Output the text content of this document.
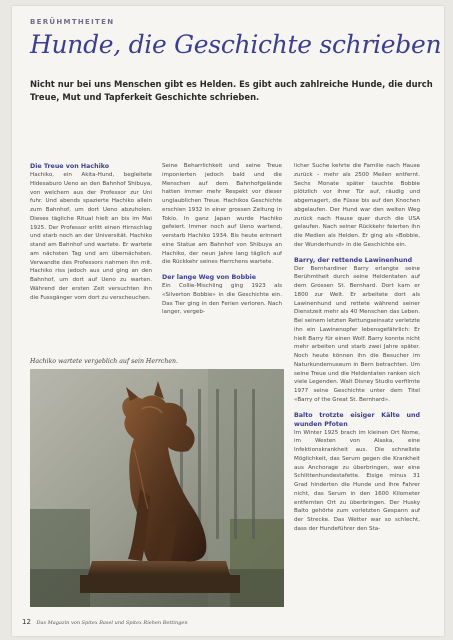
BERÜHMTHEITEN
Hunde, die Geschichte schrieben
Nicht nur bei uns Menschen gibt es Helden. Es gibt auch zahlreiche Hunde, die durch Treue, Mut und Tapferkeit Geschichte schrieben.
Die Treue von Hachiko

Hachiko, ein Akita-Hund, begleitete Hidesaburo Ueno an den Bahnhof Shibuya, von welchem aus der Professor zur Uni fuhr. Und abends spazierte Hachiko allein zum Bahnhof, um dort Ueno abzuholen. Dieses tägliche Ritual hielt an bis im Mai 1925. Der Professor erlitt einen Hirnschlag und starb noch an der Universität. Hachiko stand am Bahnhof und wartete. Er wartete am nächsten Tag und am übernächsten. Verwandte des Professors nahmen ihn mit. Hachiko riss jedoch aus und ging an den Bahnhof, um dort auf Ueno zu warten. Während der ersten Zeit versuchten ihn die Fussgänger vom dort zu verscheuchen.

Seine Beharrlichkeit und seine Treue imponierten jedoch bald und die Menschen auf dem Bahnhofgelände hatten immer mehr Respekt vor dieser unglaublichen Treue. Hachikos Geschichte erschien 1932 in einer grossen Zeitung in Tokio. In ganz Japan wurde Hachiko gefeiert. Immer noch auf Ueno wartend, verstarb Hachiko 1934. Bis heute erinnert eine Statue am Bahnhof von Shibuya an Hachiko, der neun Jahre lang täglich auf die Rückkehr seines Herrchens wartete.

Der lange Weg von Bobbie

Ein Collie-Mischling ging 1923 als «Silverton Bobbie» in die Geschichte ein. Das Tier ging in den Ferien verloren. Nach langer, vergeb-

licher Suche kehrte die Familie nach Hause zurück – mehr als 2500 Meilen entfernt. Sechs Monate später tauchte Bobbie plötzlich vor ihrer Tür auf, räudig und abgemagert, die Füsse bis auf den Knochen abgelaufen. Der Hund war den weiten Weg zurück nach Hause quer durch die USA gelaufen. Nach seiner Rückkehr feierten ihn die Medien als Helden. Er ging als «Bobbie, der Wunderhund» in die Geschichte ein.

Barry, der rettende Lawinenhund

Der Bernhardiner Barry erlangte seine Berühmtheit durch seine Heldentaten auf dem Grossen St. Bernhard. Dort kam er 1800 zur Welt. Er arbeitete dort als Lawinenhund und rettete während seiner Dienstzeit mehr als 40 Menschen das Leben. Bei seinem letzten Rettungseinsatz verletzte ihn ein Lawinenopfer lebensgefährlich: Er hielt Barry für einen Wolf. Barry konnte nicht mehr arbeiten und starb zwei Jahre später. Noch heute können ihn die Besucher im Naturkundemuseum in Bern betrachten. Um seine Treue und die Heldentaten ranken sich viele Legenden. Walt Disney Studio verfilmte 1977 seine Geschichte unter dem Titel «Barry of the Great St. Bernhard».

Balto trotzte eisiger Kälte und wunden Pfoten

Im Winter 1925 brach im kleinen Ort Nome, im Westen von Alaska, eine Infektionskrankheit aus. Die schnellste Möglichkeit, das Serum gegen die Krankheit aus Anchorage zu überbringen, war eine Schlittenhundestafette. Eisige minus 31 Grad hinderten die Hunde und ihre Fahrer nicht, das Serum in den 1600 Kilometer entfernten Ort zu überbringen. Der Husky Balto gehörte zum vorletzten Gespann auf der Strecke. Das Wetter war so schlecht, dass der Hundeführer den Sta-

Hachiko wartete vergeblich auf sein Herrchen.
12 Das Magazin von Spitex Basel und Spitex Riehen Bettingen
